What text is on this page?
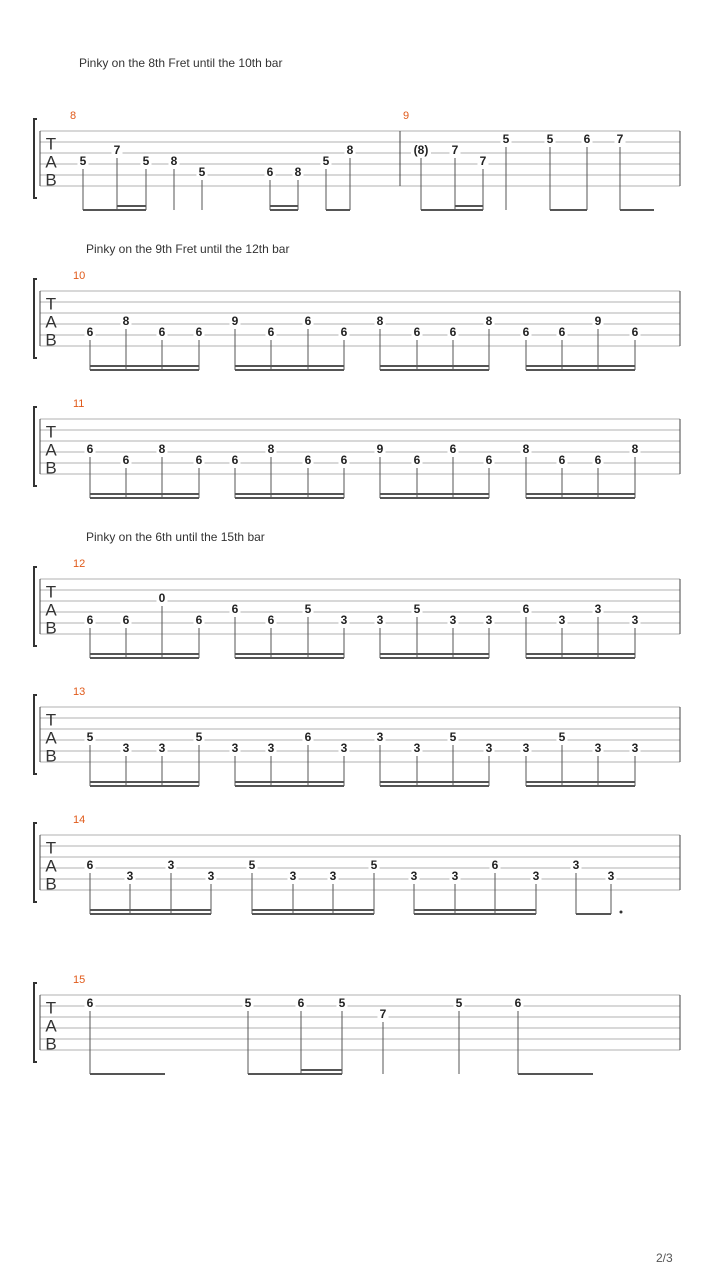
Pinky on the 8th Fret until the 10th bar
Pinky on the 9th Fret until the 12th bar
Pinky on the 6th until the 15th bar
2/3
T
A
B
8	9
5
7
5 8
5	6 8
5
8	(8) 7
7
5	5	6 7
T
A
B
10
6
8
6	6
9
6
6
6
8
6 6
8
6 6
9
6
T
A
B
11
6
6
8
6 6
8
6 6
9
6
6
6
8
6 6
8
T
A
B
12
6 6
0
6
6
6
5
3 3
5
3 3
6
3
3
3
T
A
B
13
5
3 3
5
3 3
6
3
3
3
5
3	3
5
3	3
T
A
B
14
6
3
3
3
5
3	3
5
3	3
6
3
3
3
T
A
B
15
6	5	6	5
7
5	6
